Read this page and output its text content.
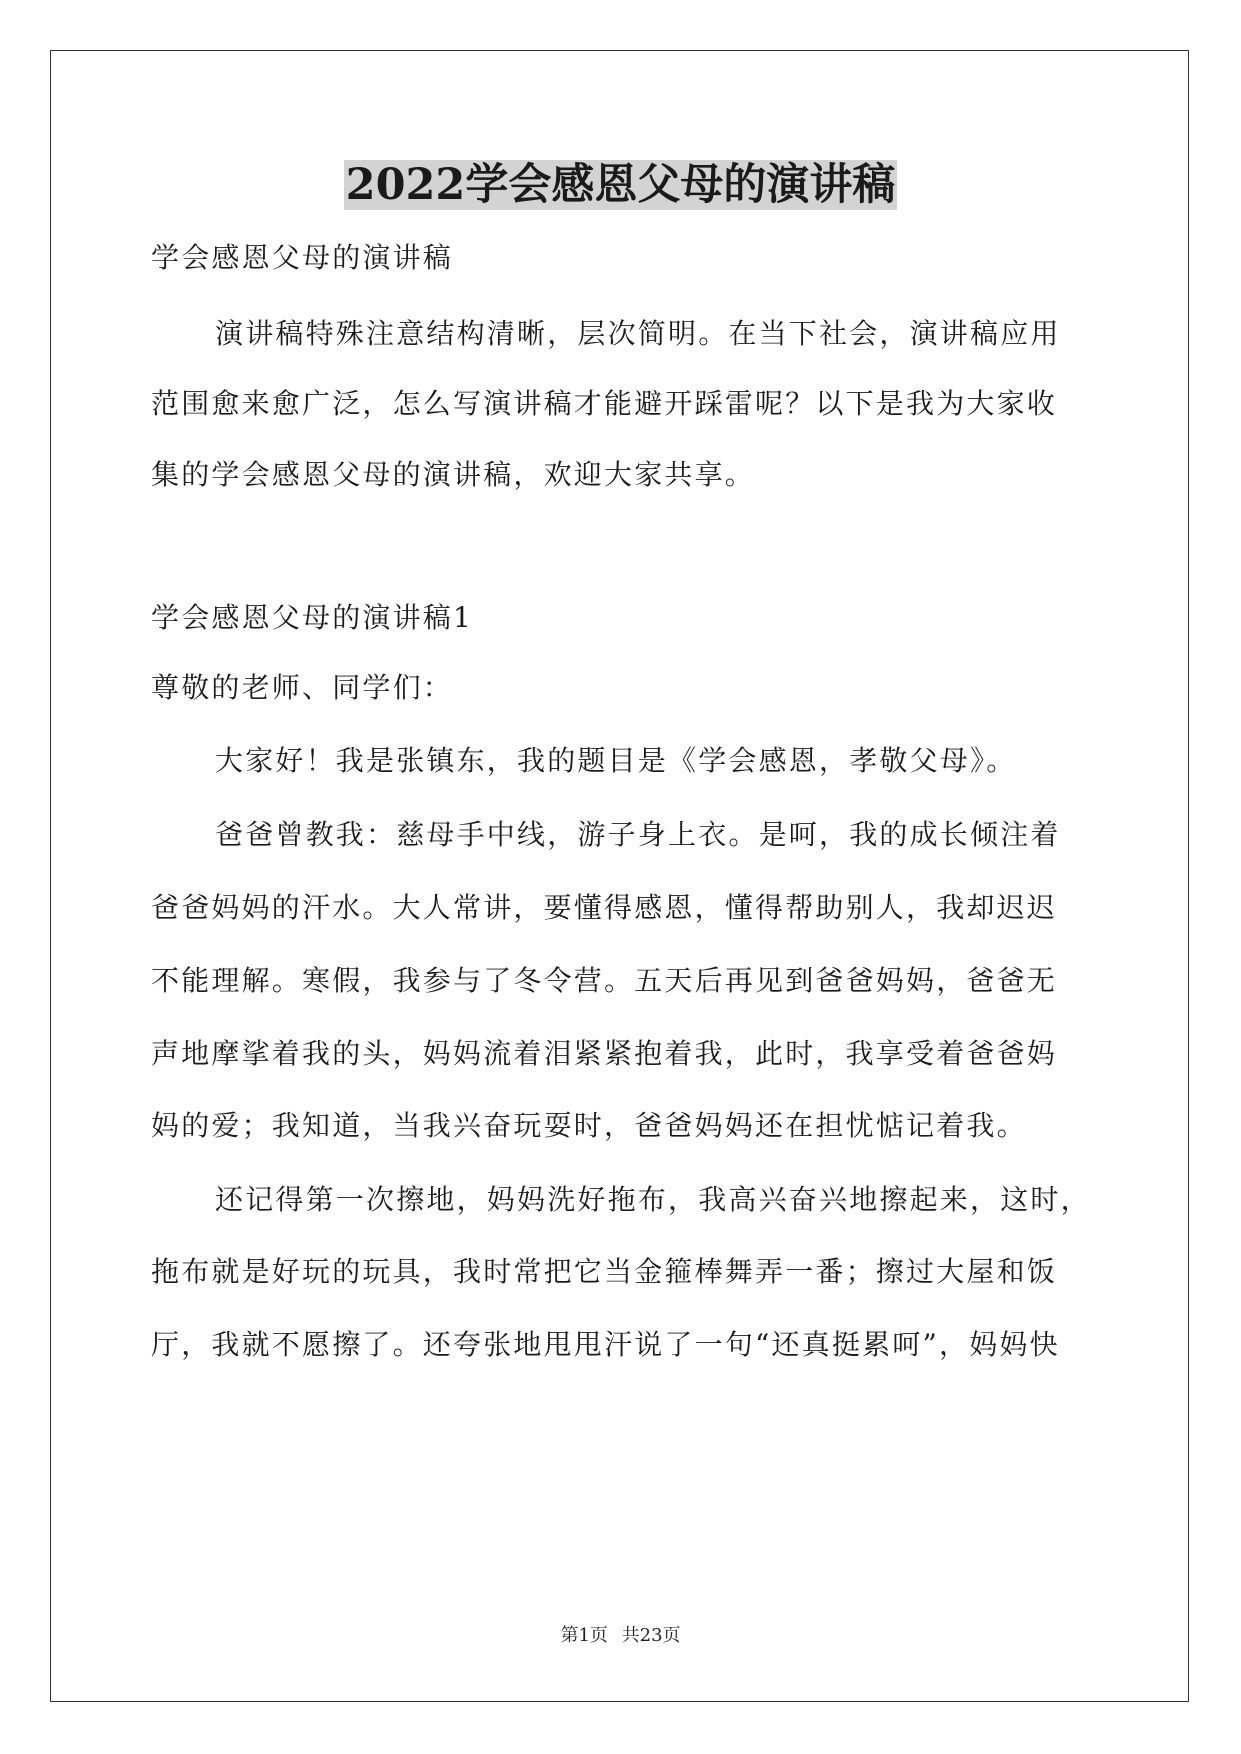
2022学会感恩父母的演讲稿
学会感恩父母的演讲稿
演讲稿特殊注意结构清晰，层次简明。在当下社会，演讲稿应用
范围愈来愈广泛，怎么写演讲稿才能避开踩雷呢？以下是我为大家收
集的学会感恩父母的演讲稿，欢迎大家共享。
学会感恩父母的演讲稿1
尊敬的老师、同学们：
大家好！我是张镇东，我的题目是《学会感恩，孝敬父母》。
爸爸曾教我：慈母手中线，游子身上衣。是呵，我的成长倾注着
爸爸妈妈的汗水。大人常讲，要懂得感恩，懂得帮助别人，我却迟迟
不能理解。寒假，我参与了冬令营。五天后再见到爸爸妈妈，爸爸无
声地摩挲着我的头，妈妈流着泪紧紧抱着我，此时，我享受着爸爸妈
妈的爱；我知道，当我兴奋玩耍时，爸爸妈妈还在担忧惦记着我。
还记得第一次擦地，妈妈洗好拖布，我高兴奋兴地擦起来，这时，
拖布就是好玩的玩具，我时常把它当金箍棒舞弄一番；擦过大屋和饭
厅，我就不愿擦了。还夸张地甩甩汗说了一句“还真挺累呵”，妈妈快
第1页 共23页
